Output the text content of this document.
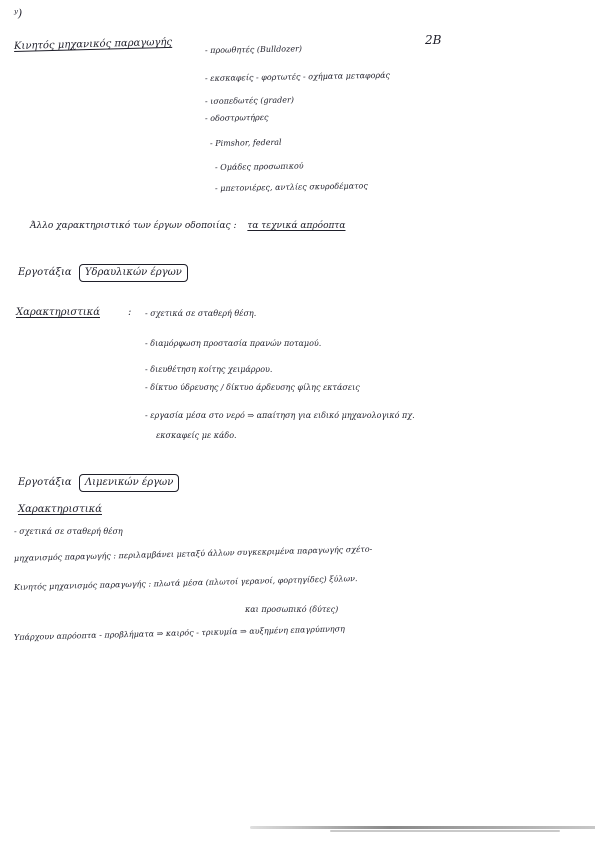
ʸ)
2B
Κινητός μηχανικός παραγωγής	- προωθητές (Βulldozer)
- εκσκαφείς - φορτωτές - οχήματα μεταφοράς
- ισοπεδωτές (grader)
- οδοστρωτήρες
- Pimshor, federal
- Ομάδες προσωπικού
- μπετονιέρες, αντλίες σκυροδέματος
Άλλο χαρακτηριστικό των έργων οδοποιίας : τα τεχνικά απρόοπτα
Εργοτάξια Υδραυλικών έργων
Χαρακτηριστικά	: - σχετικά σε σταθερή θέση.
- διαμόρφωση προστασία πρανών ποταμού.
- διευθέτηση κοίτης χειμάρρου.
- δίκτυο ύδρευσης / δίκτυο άρδευσης φίλης εκτάσεις
- εργασία μέσα στο νερό ⇒ απαίτηση για ειδικό μηχανολογικό πχ.
εκσκαφείς με κάδο.
Εργοτάξια Λιμενικών έργων
Χαρακτηριστικά
- σχετικά σε σταθερή θέση
μηχανισμός παραγωγής : περιλαμβάνει μεταξύ άλλων συγκεκριμένα παραγωγής σχέτο-
Κινητός μηχανισμός παραγωγής : πλωτά μέσα (πλωτοί γερανοί, φορτηγίδες) ξύλων.
και προσωπικό (δύτες)
Υπάρχουν απρόοπτα - προβλήματα ⇒ καιρός - τρικυμία ⇒ αυξημένη επαγρύπνηση
